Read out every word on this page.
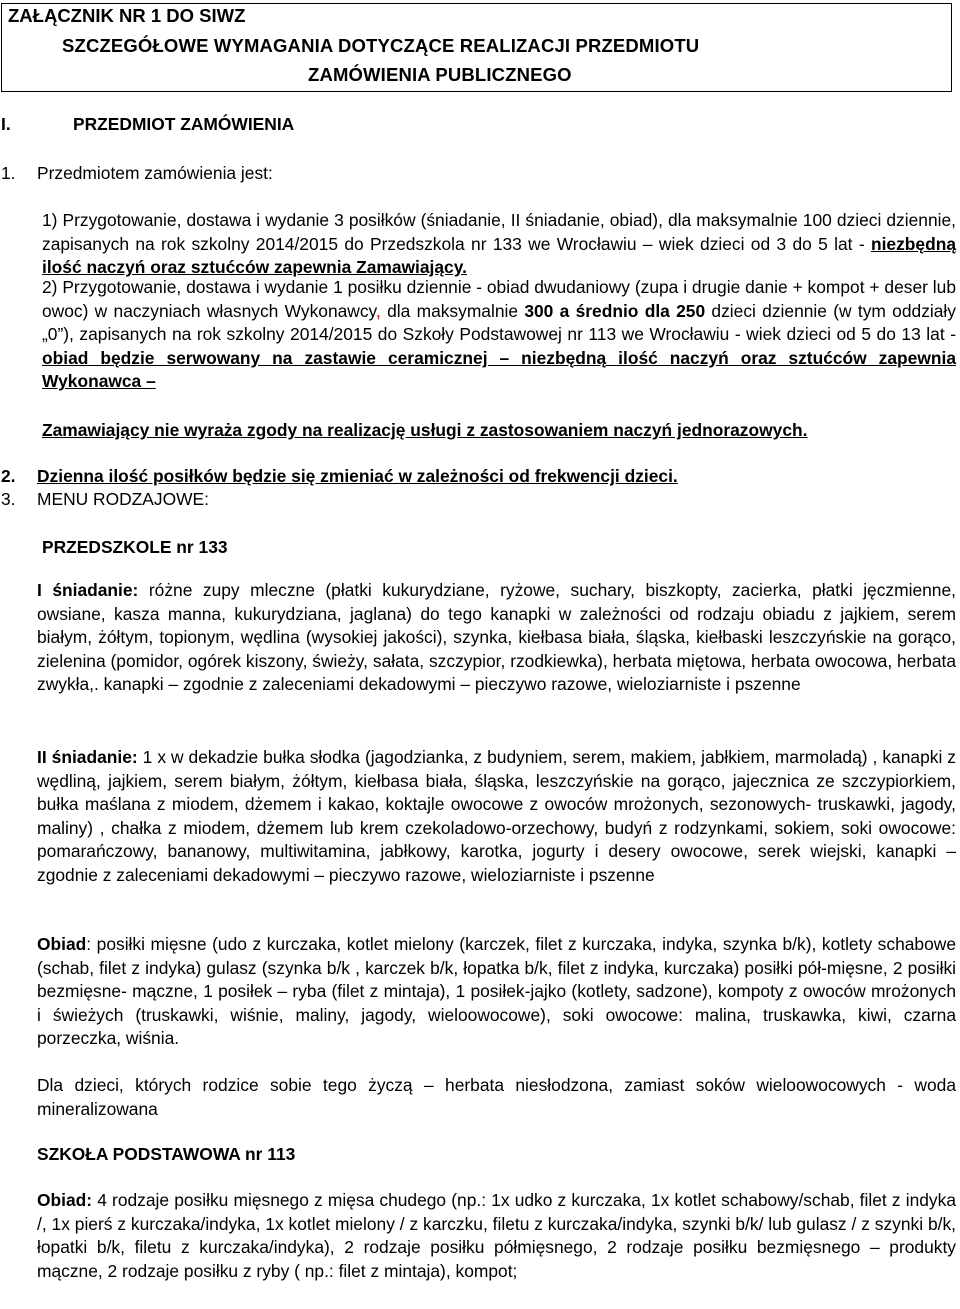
ZAŁĄCZNIK NR 1 DO SIWZ
SZCZEGÓŁOWE WYMAGANIA DOTYCZĄCE REALIZACJI PRZEDMIOTU
ZAMÓWIENIA PUBLICZNEGO
I.	PRZEDMIOT ZAMÓWIENIA
1. Przedmiotem zamówienia jest:

1) Przygotowanie, dostawa i wydanie 3 posiłków (śniadanie, II śniadanie, obiad), dla maksymalnie 100 dzieci dziennie, zapisanych na rok szkolny 2014/2015 do Przedszkola nr 133 we Wrocławiu – wiek dzieci od 3 do 5 lat - niezbędną ilość naczyń oraz sztućców zapewnia Zamawiający.

2) Przygotowanie, dostawa i wydanie 1 posiłku dziennie - obiad dwudaniowy (zupa i drugie danie + kompot + deser lub owoc) w naczyniach własnych Wykonawcy, dla maksymalnie 300 a średnio dla 250 dzieci dziennie (w tym oddziały „0”), zapisanych na rok szkolny 2014/2015 do Szkoły Podstawowej nr 113 we Wrocławiu - wiek dzieci od 5 do 13 lat - obiad będzie serwowany na zastawie ceramicznej – niezbędną ilość naczyń oraz sztućców zapewnia Wykonawca –

Zamawiający nie wyraża zgody na realizację usługi z zastosowaniem naczyń jednorazowych.
2. Dzienna ilość posiłków będzie się zmieniać w zależności od frekwencji dzieci.
3. MENU RODZAJOWE:
PRZEDSZKOLE nr 133

I śniadanie: różne zupy mleczne (płatki kukurydziane, ryżowe, suchary, biszkopty, zacierka, płatki jęczmienne, owsiane, kasza manna, kukurydziana, jaglana) do tego kanapki w zależności od rodzaju obiadu z jajkiem, serem białym, żółtym, topionym, wędlina (wysokiej jakości), szynka, kiełbasa biała, śląska, kiełbaski leszczyńskie na gorąco, zielenina (pomidor, ogórek kiszony, świeży, sałata, szczypior, rzodkiewka), herbata miętowa, herbata owocowa, herbata zwykła,. kanapki – zgodnie z zaleceniami dekadowymi – pieczywo razowe, wieloziarniste i pszenne

II śniadanie: 1 x w dekadzie bułka słodka (jagodzianka, z budyniem, serem, makiem, jabłkiem, marmoladą) , kanapki z wędliną, jajkiem, serem białym, żółtym, kiełbasa biała, śląska, leszczyńskie na gorąco, jajecznica ze szczypiorkiem, bułka maślana z miodem, dżemem i kakao, koktajle owocowe z owoców mrożonych, sezonowych- truskawki, jagody, maliny) , chałka z miodem, dżemem lub krem czekoladowo-orzechowy, budyń z rodzynkami, sokiem, soki owocowe: pomarańczowy, bananowy, multiwitamina, jabłkowy, karotka, jogurty i desery owocowe, serek wiejski, kanapki – zgodnie z zaleceniami dekadowymi – pieczywo razowe, wieloziarniste i pszenne

Obiad: posiłki mięsne (udo z kurczaka, kotlet mielony (karczek, filet z kurczaka, indyka, szynka b/k), kotlety schabowe (schab, filet z indyka) gulasz (szynka b/k , karczek b/k, łopatka b/k, filet z indyka, kurczaka) posiłki pół-mięsne, 2 posiłki bezmięsne- mączne, 1 posiłek – ryba (filet z mintaja), 1 posiłek-jajko (kotlety, sadzone), kompoty z owoców mrożonych i świeżych (truskawki, wiśnie, maliny, jagody, wieloowocowe), soki owocowe: malina, truskawka, kiwi, czarna porzeczka, wiśnia.

Dla dzieci, których rodzice sobie tego życzą – herbata niesłodzona, zamiast soków wieloowocowych - woda mineralizowana

SZKOŁA PODSTAWOWA nr 113

Obiad: 4 rodzaje posiłku mięsnego z mięsa chudego (np.: 1x udko z kurczaka, 1x kotlet schabowy/schab, filet z indyka /, 1x pierś z kurczaka/indyka, 1x kotlet mielony / z karczku, filetu z kurczaka/indyka, szynki b/k/ lub gulasz / z szynki b/k, łopatki b/k, filetu z kurczaka/indyka), 2 rodzaje posiłku półmięsnego, 2 rodzaje posiłku bezmięsnego – produkty mączne, 2 rodzaje posiłku z ryby ( np.: filet z mintaja), kompot;
